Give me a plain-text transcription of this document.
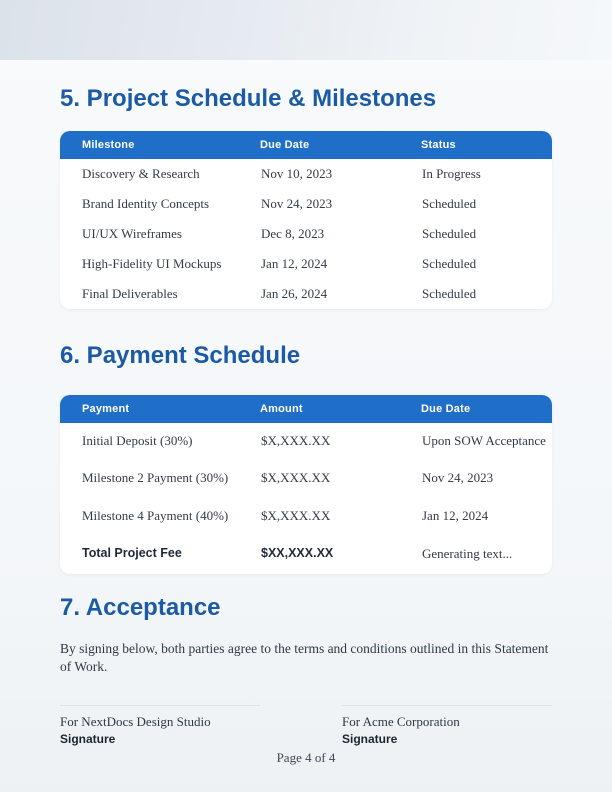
5. Project Schedule & Milestones
Milestone	Due Date	Status
Discovery & Research	Nov 10, 2023	In Progress
Brand Identity Concepts	Nov 24, 2023	Scheduled
UI/UX Wireframes	Dec 8, 2023	Scheduled
High-Fidelity UI Mockups	Jan 12, 2024	Scheduled
Final Deliverables	Jan 26, 2024	Scheduled
6. Payment Schedule
Payment	Amount	Due Date
Initial Deposit (30%)	$X,XXX.XX	Upon SOW Acceptance
Milestone 2 Payment (30%)	$X,XXX.XX	Nov 24, 2023
Milestone 4 Payment (40%)	$X,XXX.XX	Jan 12, 2024
Total Project Fee	$XX,XXX.XX	Generating text...
7. Acceptance

By signing below, both parties agree to the terms and conditions outlined in this Statement of Work.

For NextDocs Design Studio
Signature
For Acme Corporation
Signature
Page 4 of 4
